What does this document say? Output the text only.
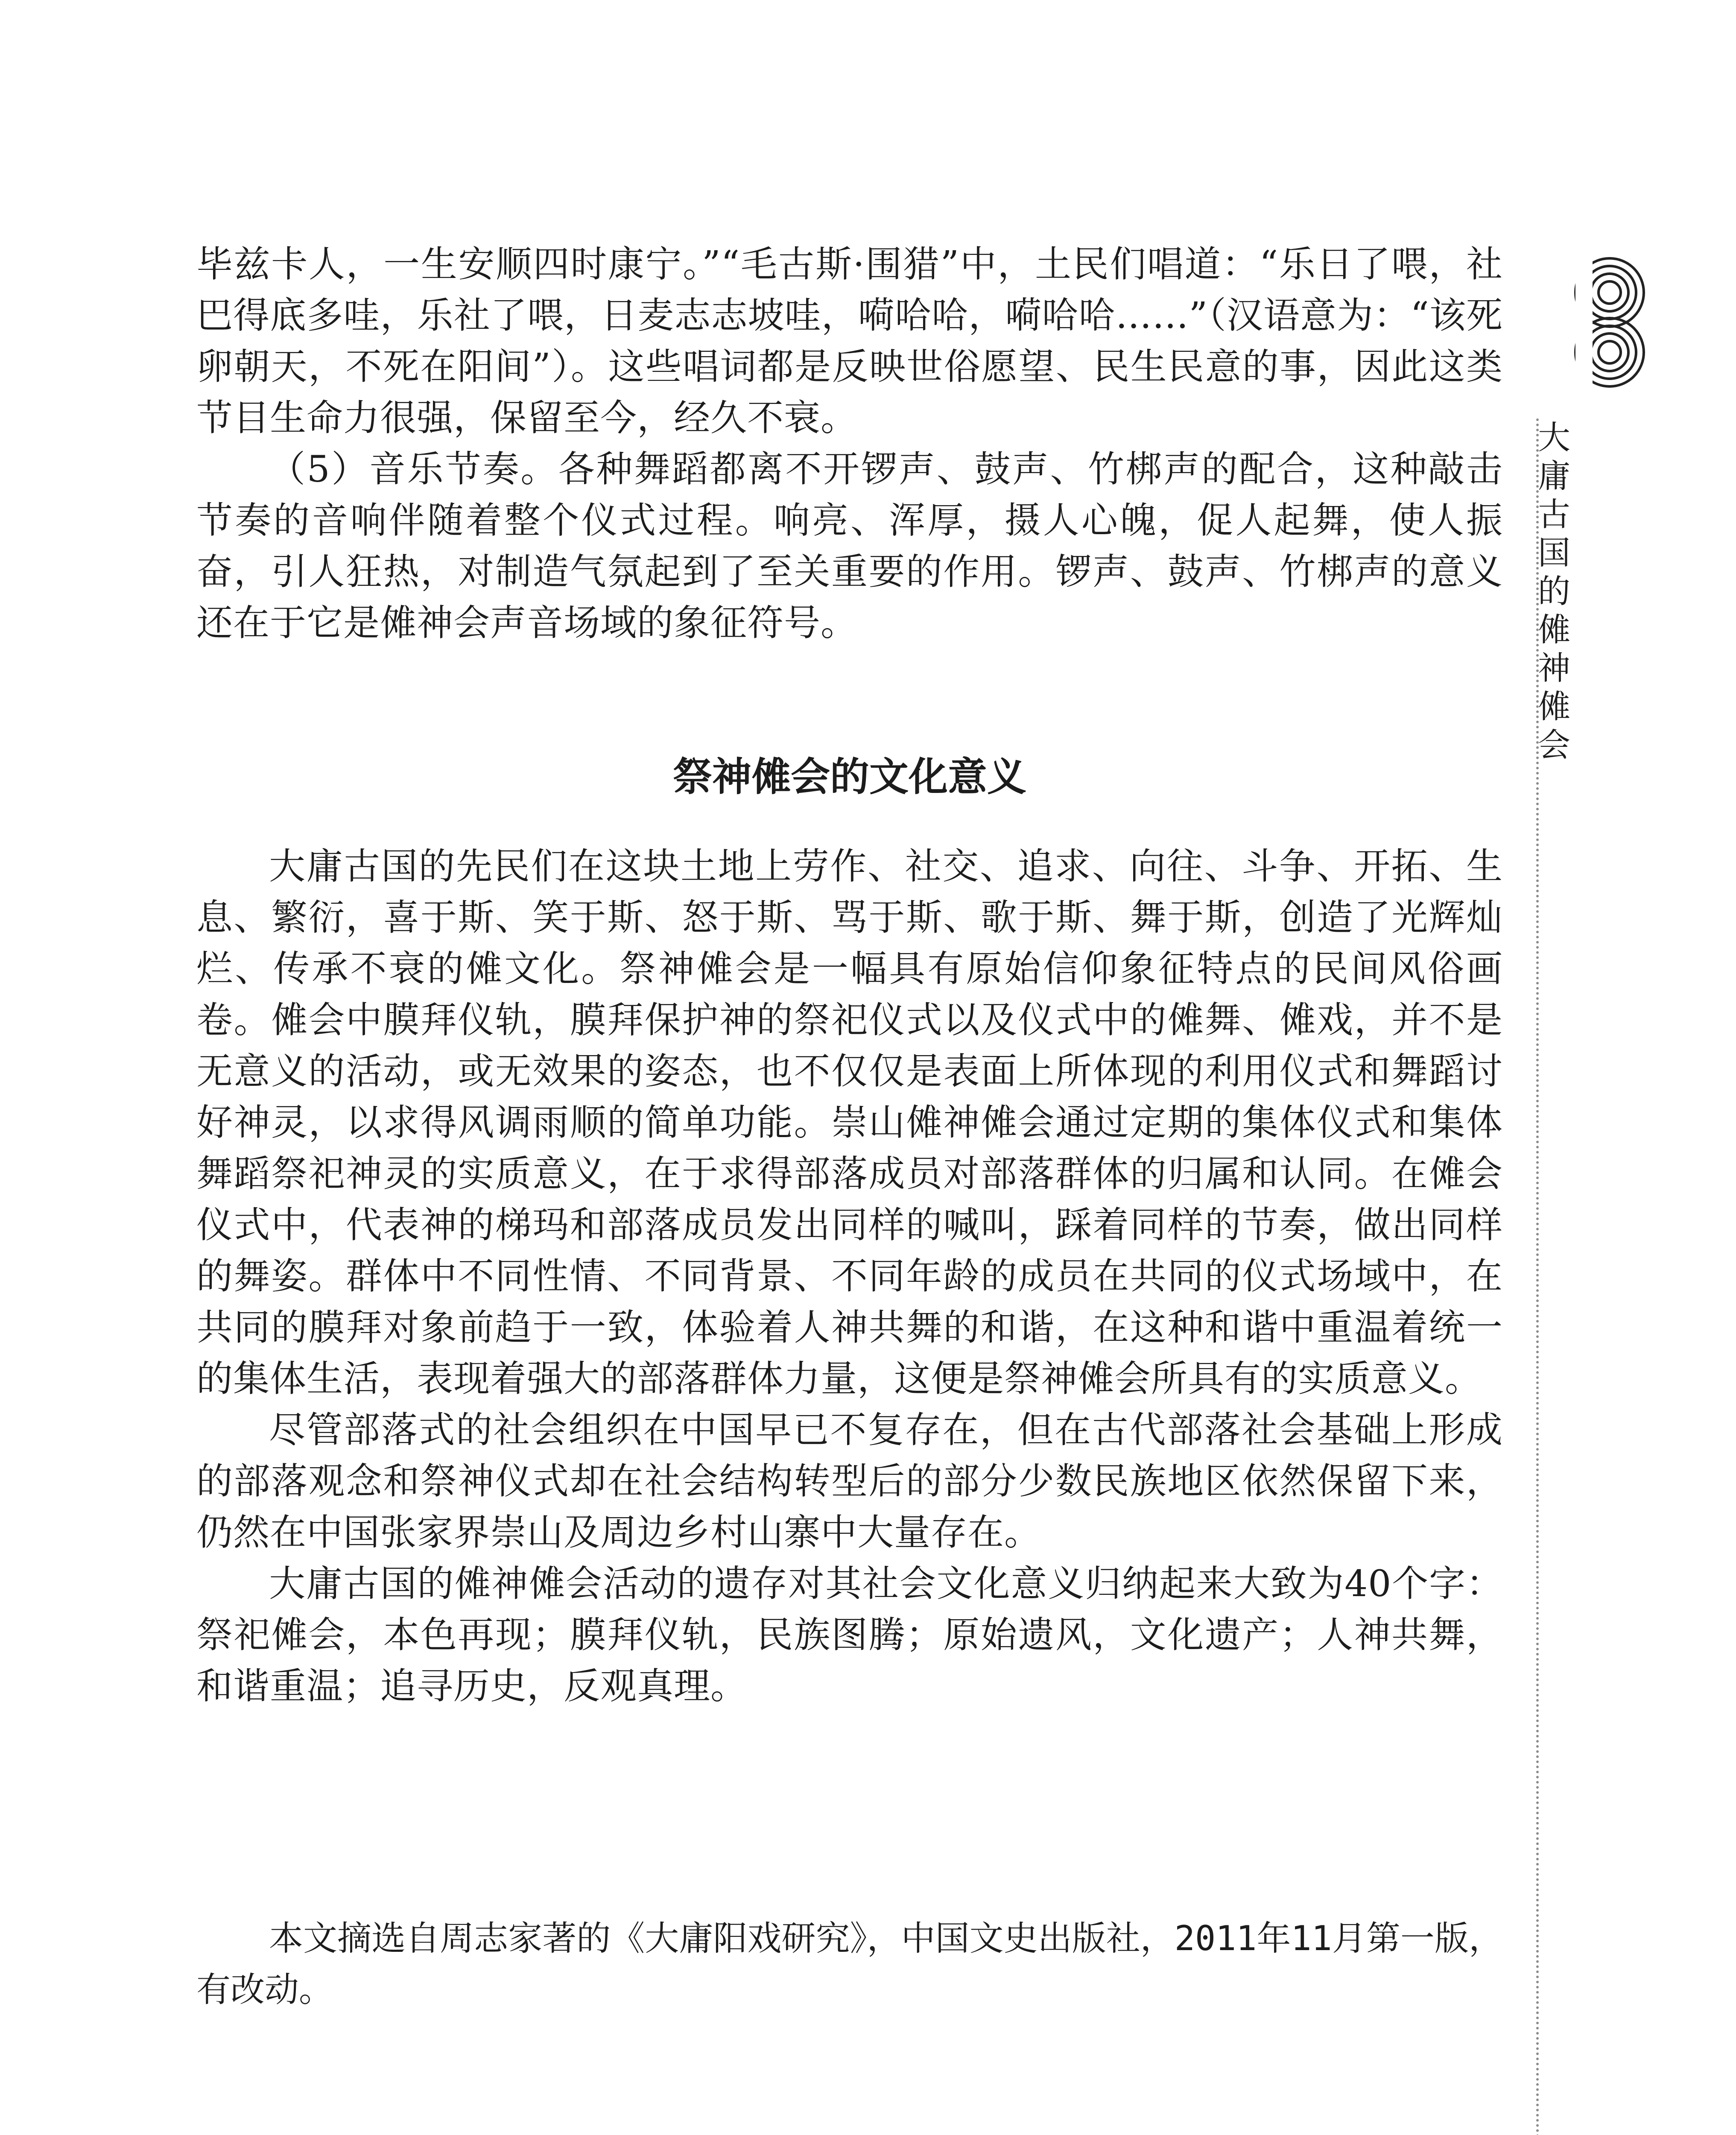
大庸古国的傩神傩会

毕兹卡人，一生安顺四时康宁。”“毛古斯·围猎”中，土民们唱道：“乐日了喂，社巴得底多哇，乐社了喂，日麦志志坡哇，嗬哈哈，嗬哈哈……”（汉语意为：“该死卵朝天，不死在阳间”）。这些唱词都是反映世俗愿望、民生民意的事，因此这类节目生命力很强，保留至今，经久不衰。

（5）音乐节奏。各种舞蹈都离不开锣声、鼓声、竹梆声的配合，这种敲击节奏的音响伴随着整个仪式过程。响亮、浑厚，摄人心魄，促人起舞，使人振奋，引人狂热，对制造气氛起到了至关重要的作用。锣声、鼓声、竹梆声的意义还在于它是傩神会声音场域的象征符号。

祭神傩会的文化意义

大庸古国的先民们在这块土地上劳作、社交、追求、向往、斗争、开拓、生息、繁衍，喜于斯、笑于斯、怒于斯、骂于斯、歌于斯、舞于斯，创造了光辉灿烂、传承不衰的傩文化。祭神傩会是一幅具有原始信仰象征特点的民间风俗画卷。傩会中膜拜仪轨，膜拜保护神的祭祀仪式以及仪式中的傩舞、傩戏，并不是无意义的活动，或无效果的姿态，也不仅仅是表面上所体现的利用仪式和舞蹈讨好神灵，以求得风调雨顺的简单功能。崇山傩神傩会通过定期的集体仪式和集体舞蹈祭祀神灵的实质意义，在于求得部落成员对部落群体的归属和认同。在傩会仪式中，代表神的梯玛和部落成员发出同样的喊叫，踩着同样的节奏，做出同样的舞姿。群体中不同性情、不同背景、不同年龄的成员在共同的仪式场域中，在共同的膜拜对象前趋于一致，体验着人神共舞的和谐，在这种和谐中重温着统一的集体生活，表现着强大的部落群体力量，这便是祭神傩会所具有的实质意义。

尽管部落式的社会组织在中国早已不复存在，但在古代部落社会基础上形成的部落观念和祭神仪式却在社会结构转型后的部分少数民族地区依然保留下来，仍然在中国张家界崇山及周边乡村山寨中大量存在。

大庸古国的傩神傩会活动的遗存对其社会文化意义归纳起来大致为40个字：祭祀傩会，本色再现；膜拜仪轨，民族图腾；原始遗风，文化遗产；人神共舞，和谐重温；追寻历史，反观真理。

本文摘选自周志家著的《大庸阳戏研究》，中国文史出版社，2011年11月第一版，有改动。
